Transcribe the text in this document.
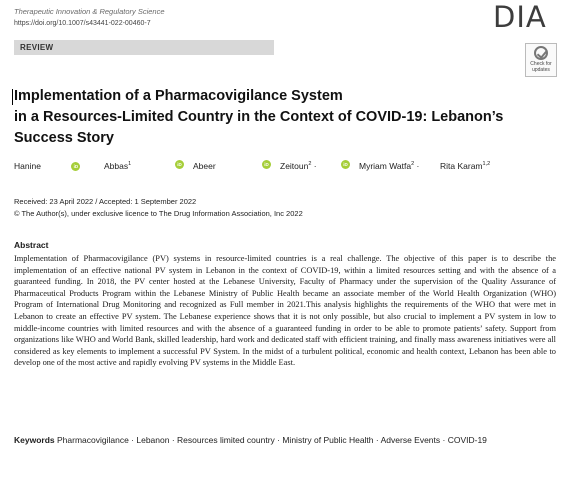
Therapeutic Innovation & Regulatory Science
https://doi.org/10.1007/s43441-022-00460-7	DIA
REVIEW
Check for
updates
Implementation of a Pharmacovigilance System
in a Resources-Limited Country in the Context of COVID-19: Lebanon’s
Success Story
Hanine	iD	Abbas$^1$	iD Abeer	iD Zeitoun$^2$ ·	iD Myriam Watfa$^2$ · Rita Karam$^{1,2}$
Received: 23 April 2022 / Accepted: 1 September 2022
© The Author(s), under exclusive licence to The Drug Information Association, Inc 2022
Abstract
Implementation of Pharmacovigilance (PV) systems in resource-limited countries is a real challenge. The objective of this paper is to describe the implementation of an effective national PV system in Lebanon in the context of COVID-19, within a limited resources setting and with the absence of a guaranteed funding. In 2018, the PV center hosted at the Lebanese University, Faculty of Pharmacy under the supervision of the Quality Assurance of Pharmaceutical Products Program within the Lebanese Ministry of Public Health became an associate member of the World Health Organization (WHO) Program of International Drug Monitoring and recognized as Full member in 2021.This analysis highlights the requirements of the WHO that were met in Lebanon to create an effective PV system. The Lebanese experience shows that it is not only possible, but also crucial to implement a PV system in low to middle-income countries with limited resources and with the absence of a guaranteed funding in order to be able to promote patients’ safety. Support from organizations like WHO and World Bank, skilled leadership, hard work and dedicated staff with efficient training, and finally mass awareness initiatives were all considered as key elements to implement a successful PV System. In the midst of a turbulent political, economic and health context, Lebanon has been able to develop one of the most active and rapidly evolving PV systems in the Middle East.
Keywords Pharmacovigilance · Lebanon · Resources limited country · Ministry of Public Health · Adverse Events · COVID-19
